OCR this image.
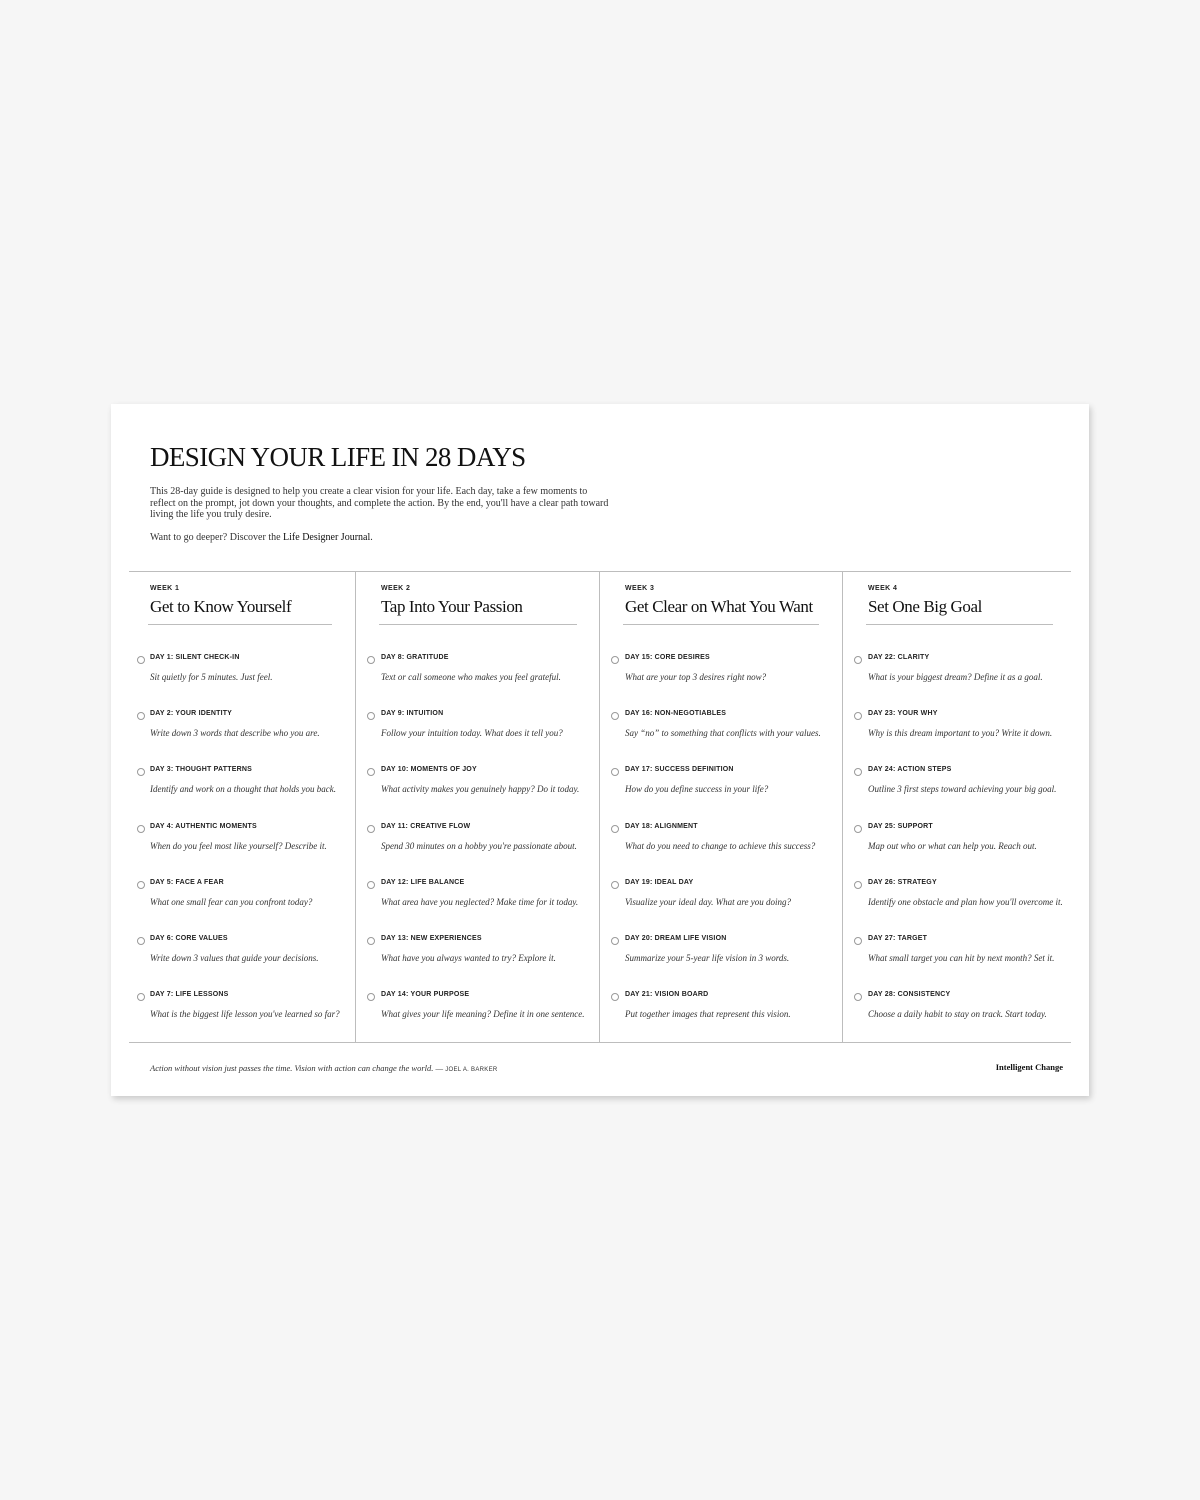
DESIGN YOUR LIFE IN 28 DAYS

This 28-day guide is designed to help you create a clear vision for your life. Each day, take a few moments to reflect on the prompt, jot down your thoughts, and complete the action. By the end, you'll have a clear path toward living the life you truly desire.

Want to go deeper? Discover the Life Designer Journal.

WEEK 1
Get to Know Yourself
DAY 1: SILENT CHECK-IN
Sit quietly for 5 minutes. Just feel.
DAY 2: YOUR IDENTITY
Write down 3 words that describe who you are.
DAY 3: THOUGHT PATTERNS
Identify and work on a thought that holds you back.
DAY 4: AUTHENTIC MOMENTS
When do you feel most like yourself? Describe it.
DAY 5: FACE A FEAR
What one small fear can you confront today?
DAY 6: CORE VALUES
Write down 3 values that guide your decisions.
DAY 7: LIFE LESSONS
What is the biggest life lesson you've learned so far?
WEEK 2
Tap Into Your Passion
DAY 8: GRATITUDE
Text or call someone who makes you feel grateful.
DAY 9: INTUITION
Follow your intuition today. What does it tell you?
DAY 10: MOMENTS OF JOY
What activity makes you genuinely happy? Do it today.
DAY 11: CREATIVE FLOW
Spend 30 minutes on a hobby you're passionate about.
DAY 12: LIFE BALANCE
What area have you neglected? Make time for it today.
DAY 13: NEW EXPERIENCES
What have you always wanted to try? Explore it.
DAY 14: YOUR PURPOSE
What gives your life meaning? Define it in one sentence.
WEEK 3
Get Clear on What You Want
DAY 15: CORE DESIRES
What are your top 3 desires right now?
DAY 16: NON-NEGOTIABLES
Say “no” to something that conflicts with your values.
DAY 17: SUCCESS DEFINITION
How do you define success in your life?
DAY 18: ALIGNMENT
What do you need to change to achieve this success?
DAY 19: IDEAL DAY
Visualize your ideal day. What are you doing?
DAY 20: DREAM LIFE VISION
Summarize your 5-year life vision in 3 words.
DAY 21: VISION BOARD
Put together images that represent this vision.
WEEK 4
Set One Big Goal
DAY 22: CLARITY
What is your biggest dream? Define it as a goal.
DAY 23: YOUR WHY
Why is this dream important to you? Write it down.
DAY 24: ACTION STEPS
Outline 3 first steps toward achieving your big goal.
DAY 25: SUPPORT
Map out who or what can help you. Reach out.
DAY 26: STRATEGY
Identify one obstacle and plan how you'll overcome it.
DAY 27: TARGET
What small target you can hit by next month? Set it.
DAY 28: CONSISTENCY
Choose a daily habit to stay on track. Start today.
Action without vision just passes the time. Vision with action can change the world. — JOEL A. BARKER	Intelligent Change
